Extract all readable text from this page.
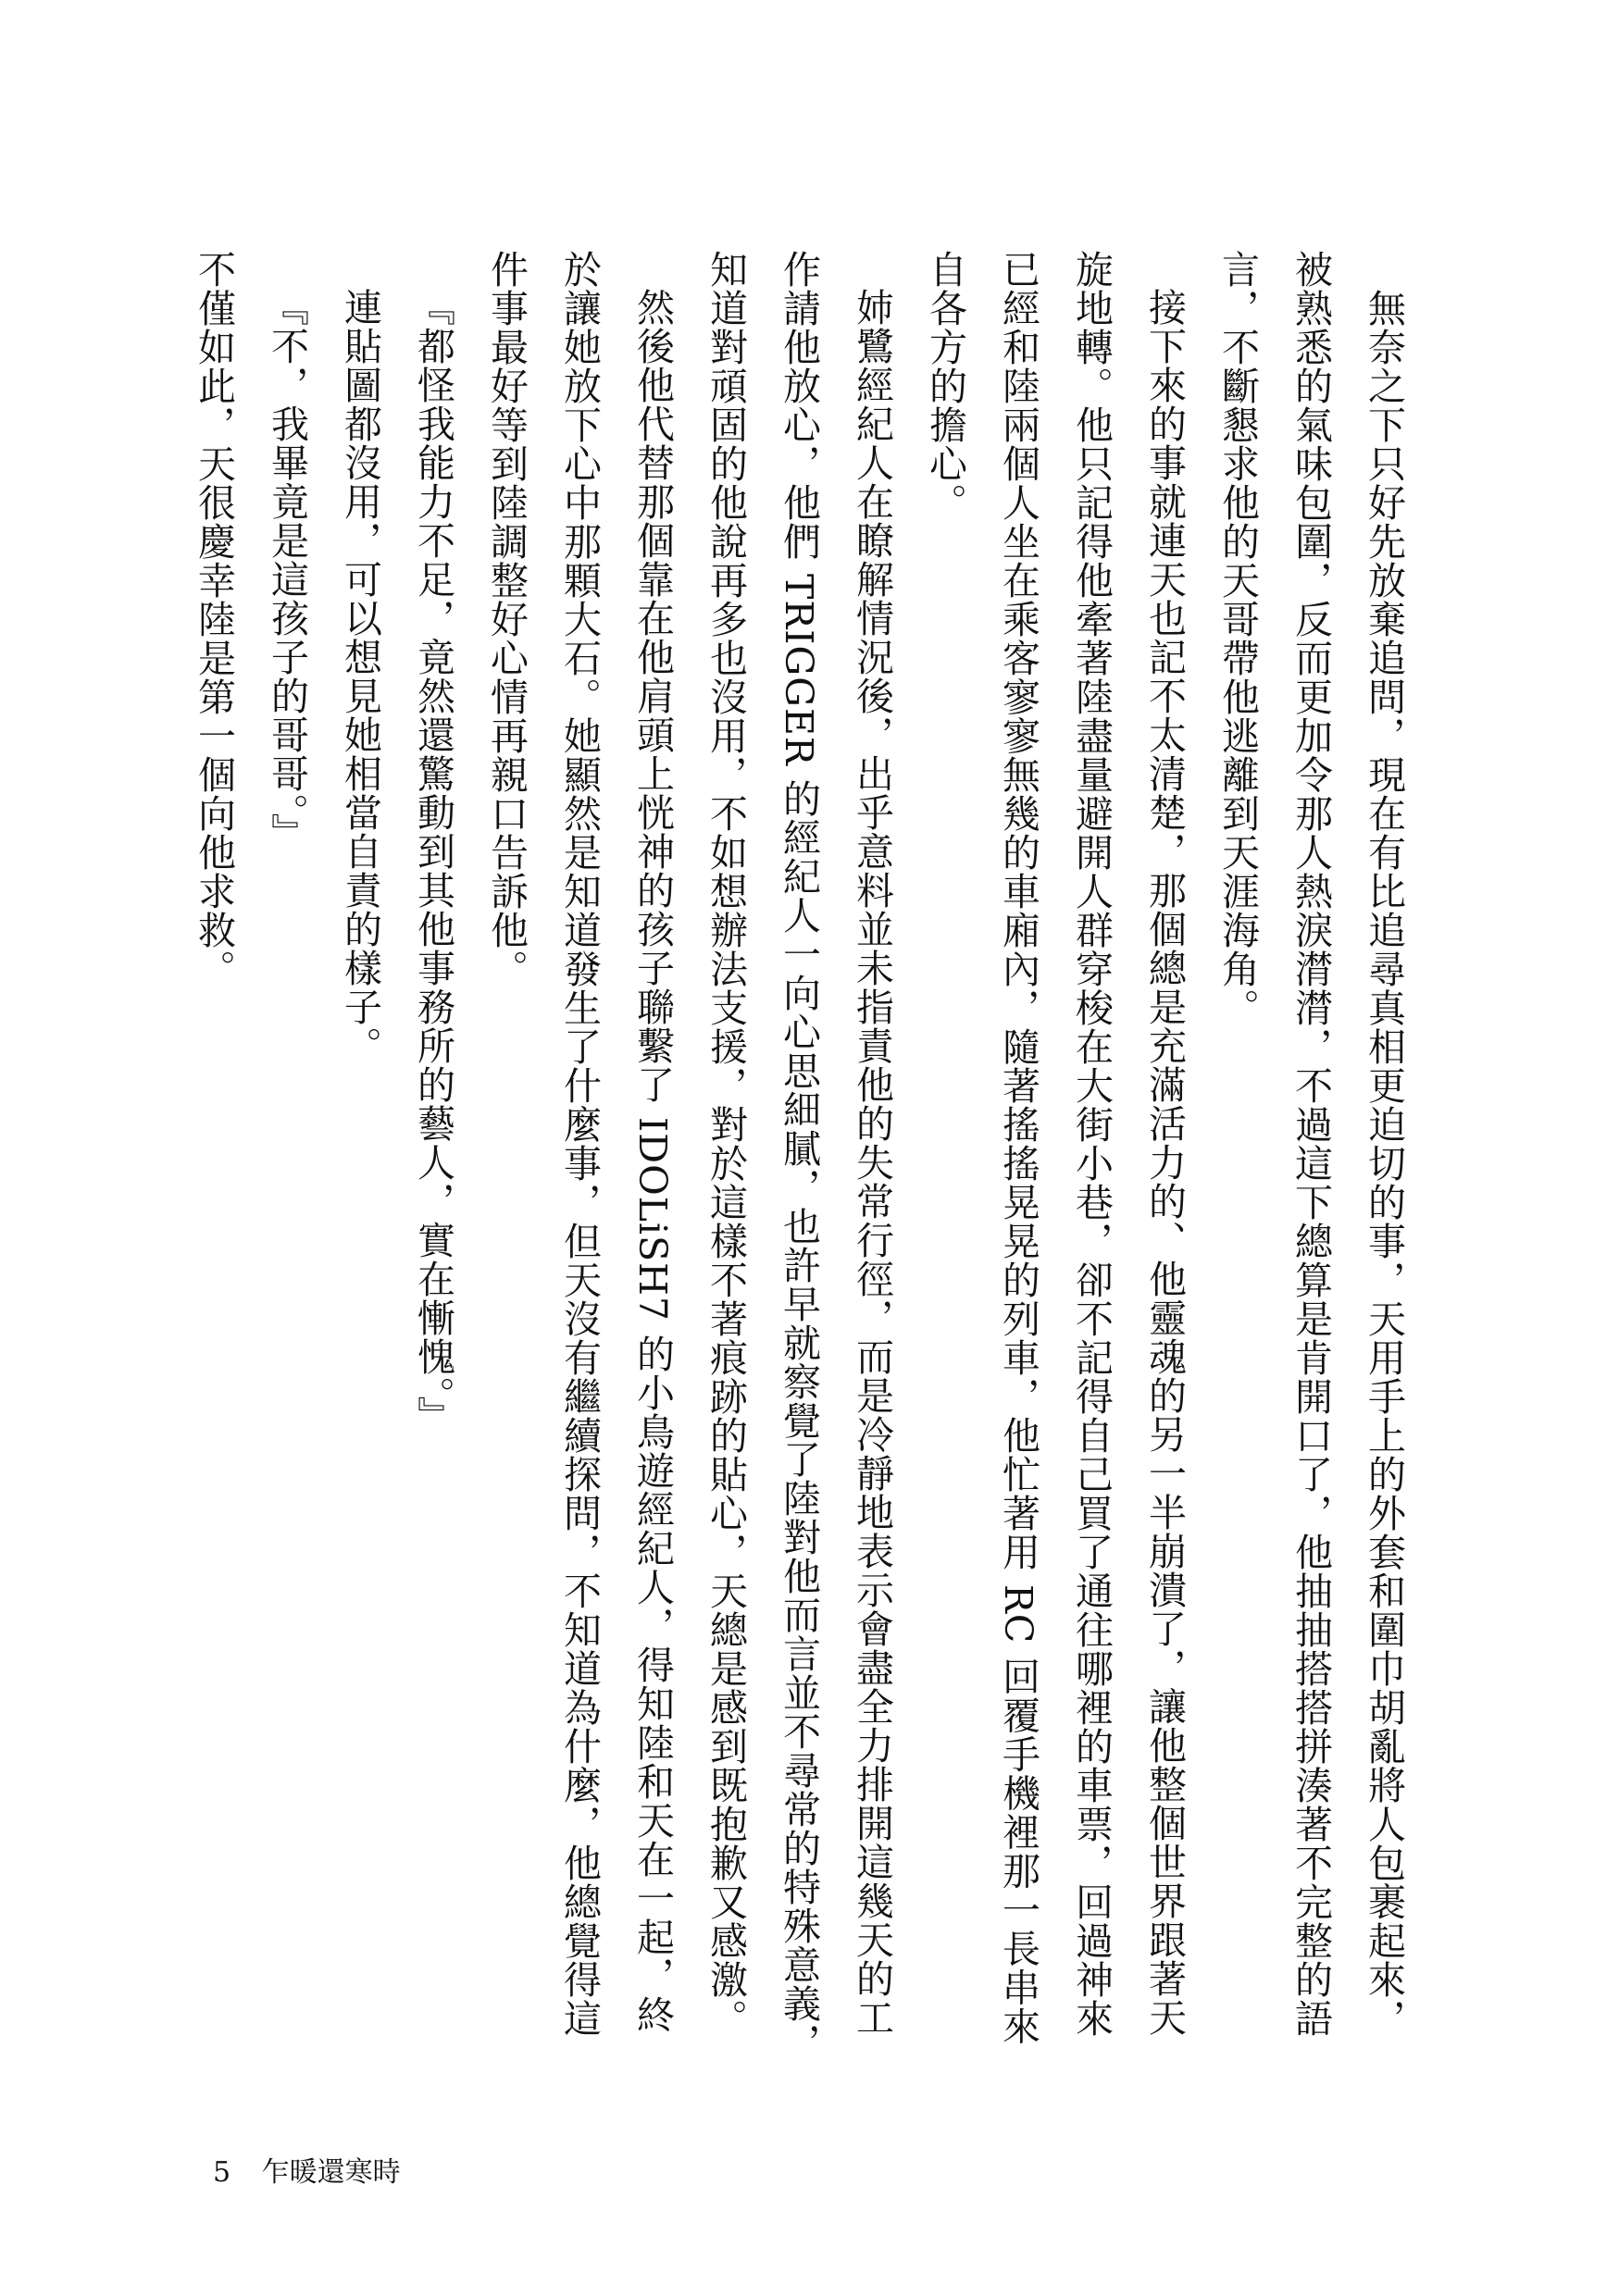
　無奈之下只好先放棄追問，現在有比追尋真相更迫切的事，天用手上的外套和圍巾胡亂將人包裹起來，被熟悉的氣味包圍，反而更加令那人熱淚潸潸，不過這下總算是肯開口了，他抽抽搭搭拼湊著不完整的語言，不斷懇求他的天哥帶他逃離到天涯海角。

接下來的事就連天也記不太清楚，那個總是充滿活力的、他靈魂的另一半崩潰了，讓他整個世界跟著天旋地轉。他只記得他牽著陸盡量避開人群穿梭在大街小巷，卻不記得自己買了通往哪裡的車票，回過神來已經和陸兩個人坐在乘客寥寥無幾的車廂內，隨著搖搖晃晃的列車，他忙著用 RC 回覆手機裡那一長串來自各方的擔心。

姉鷺經紀人在瞭解情況後，出乎意料並未指責他的失常行徑，而是冷靜地表示會盡全力排開這幾天的工作請他放心，他們 TRIGGER 的經紀人一向心思細膩，也許早就察覺了陸對他而言並不尋常的特殊意義，知道對頑固的他說再多也沒用，不如想辦法支援，對於這樣不著痕跡的貼心，天總是感到既抱歉又感激。

然後他代替那個靠在他肩頭上恍神的孩子聯繫了 IDOLiSH7 的小鳥遊經紀人，得知陸和天在一起，終於讓她放下心中那顆大石。她顯然是知道發生了什麼事，但天沒有繼續探問，不知道為什麼，他總覺得這件事最好等到陸調整好心情再親口告訴他。

『都怪我能力不足，竟然還驚動到其他事務所的藝人，實在慚愧。』

連貼圖都沒用，可以想見她相當自責的樣子。

『不，我畢竟是這孩子的哥哥。』

不僅如此，天很慶幸陸是第一個向他求救。

5 乍暖還寒時
